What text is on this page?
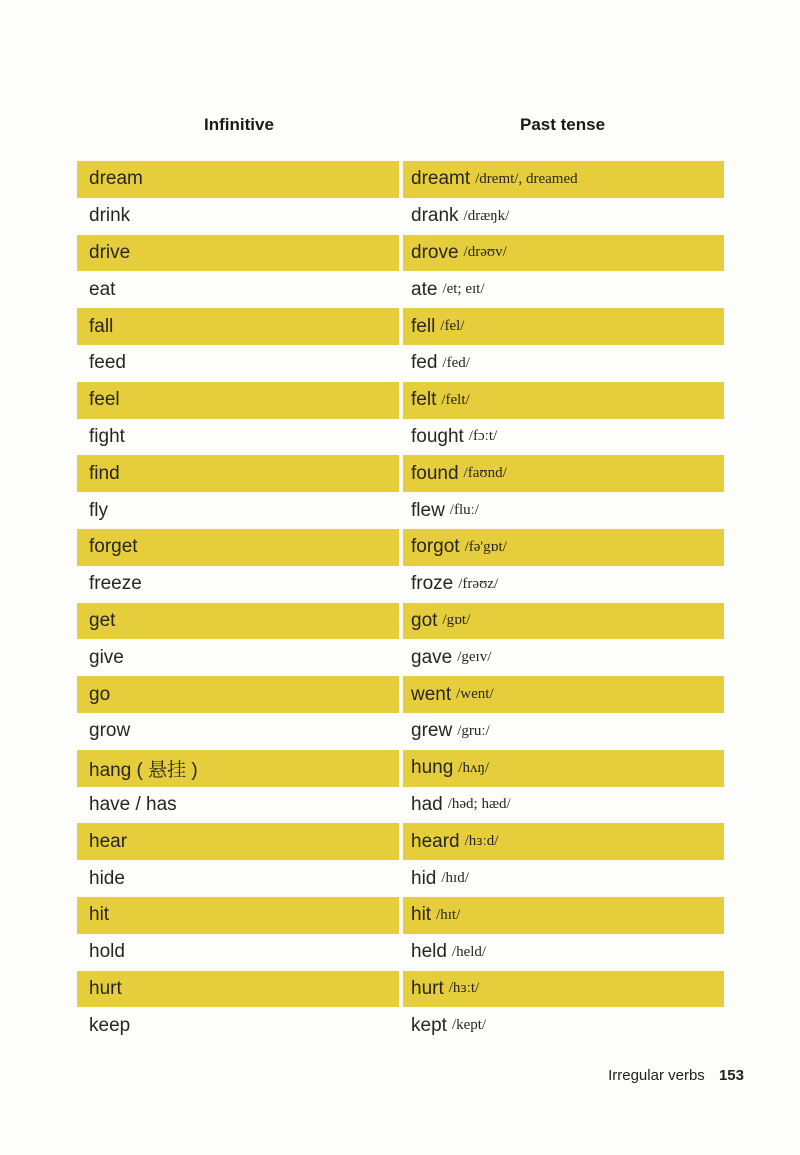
Infinitive	Past tense
dream	dreamt /dremt/, dreamed
drink	drank /dræŋk/
drive	drove /drəʊv/
eat	ate /et; eɪt/
fall	fell /fel/
feed	fed /fed/
feel	felt /felt/
fight	fought /fɔːt/
find	found /faʊnd/
fly	flew /fluː/
forget	forgot /fə'gɒt/
freeze	froze /frəʊz/
get	got /gɒt/
give	gave /geɪv/
go	went /went/
grow	grew /gruː/
hang ( 悬挂 )	hung /hʌŋ/
have / has	had /həd; hæd/
hear	heard /hɜːd/
hide	hid /hɪd/
hit	hit /hɪt/
hold	held /held/
hurt	hurt /hɜːt/
keep	kept /kept/
Irregular verbs 153
